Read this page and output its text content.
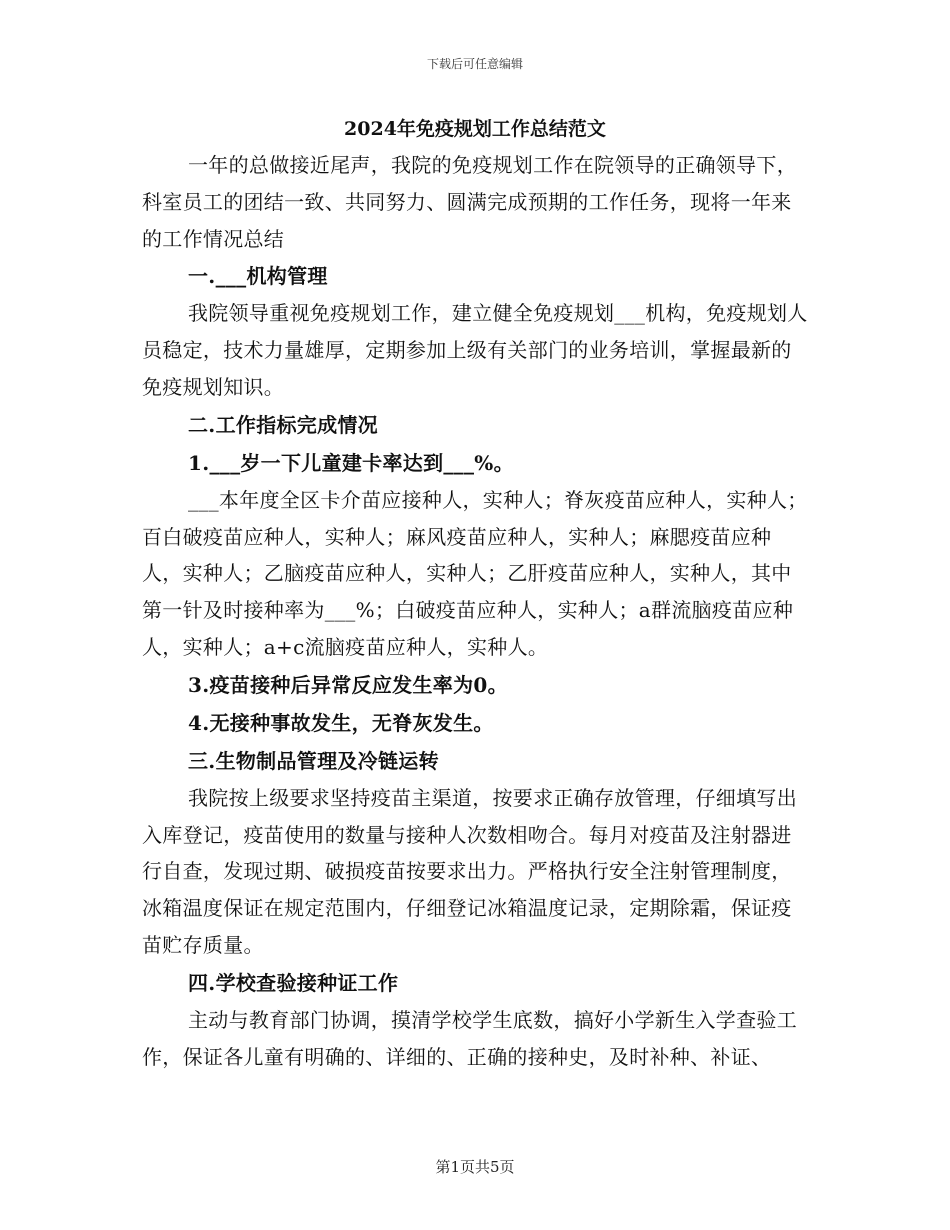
下载后可任意编辑
2024年免疫规划工作总结范文

一年的总做接近尾声，我院的免疫规划工作在院领导的正确领导下，科室员工的团结一致、共同努力、圆满完成预期的工作任务，现将一年来的工作情况总结

一.___机构管理

我院领导重视免疫规划工作，建立健全免疫规划___机构，免疫规划人员稳定，技术力量雄厚，定期参加上级有关部门的业务培训，掌握最新的免疫规划知识。

二.工作指标完成情况

1.___岁一下儿童建卡率达到___%。

___本年度全区卡介苗应接种人，实种人；脊灰疫苗应种人，实种人；百白破疫苗应种人，实种人；麻风疫苗应种人，实种人；麻腮疫苗应种人，实种人；乙脑疫苗应种人，实种人；乙肝疫苗应种人，实种人，其中第一针及时接种率为___%；白破疫苗应种人，实种人；a群流脑疫苗应种人，实种人；a+c流脑疫苗应种人，实种人。

3.疫苗接种后异常反应发生率为0。

4.无接种事故发生，无脊灰发生。

三.生物制品管理及冷链运转

我院按上级要求坚持疫苗主渠道，按要求正确存放管理，仔细填写出入库登记，疫苗使用的数量与接种人次数相吻合。每月对疫苗及注射器进行自查，发现过期、破损疫苗按要求出力。严格执行安全注射管理制度，冰箱温度保证在规定范围内，仔细登记冰箱温度记录，定期除霜，保证疫苗贮存质量。

四.学校查验接种证工作

主动与教育部门协调，摸清学校学生底数，搞好小学新生入学查验工作，保证各儿童有明确的、详细的、正确的接种史，及时补种、补证、

第1页共5页
